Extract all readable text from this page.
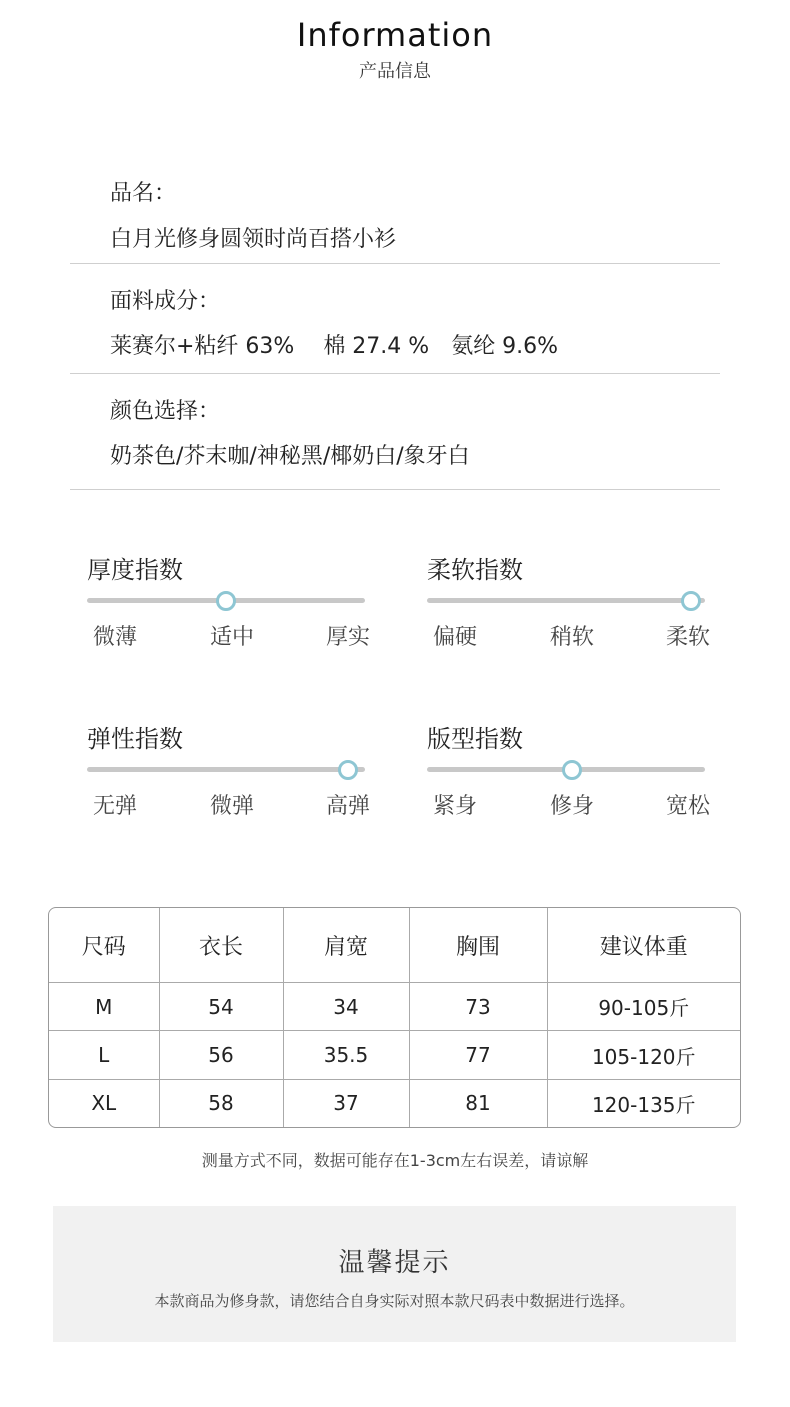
Information
产品信息
品名：
白月光修身圆领时尚百搭小衫
面料成分：
莱赛尔+粘纤 63%　 棉 27.4 %　氨纶 9.6%
颜色选择：
奶茶色/芥末咖/神秘黑/椰奶白/象牙白
厚度指数
微薄	适中	厚实
柔软指数
偏硬	稍软	柔软
弹性指数
无弹	微弹	高弹
版型指数
紧身	修身	宽松
尺码	衣长	肩宽	胸围	建议体重
M	54	34	73	90-105斤
L	56	35.5	77	105-120斤
XL	58	37	81	120-135斤
测量方式不同，数据可能存在1-3cm左右误差，请谅解
温馨提示
本款商品为修身款，请您结合自身实际对照本款尺码表中数据进行选择。
